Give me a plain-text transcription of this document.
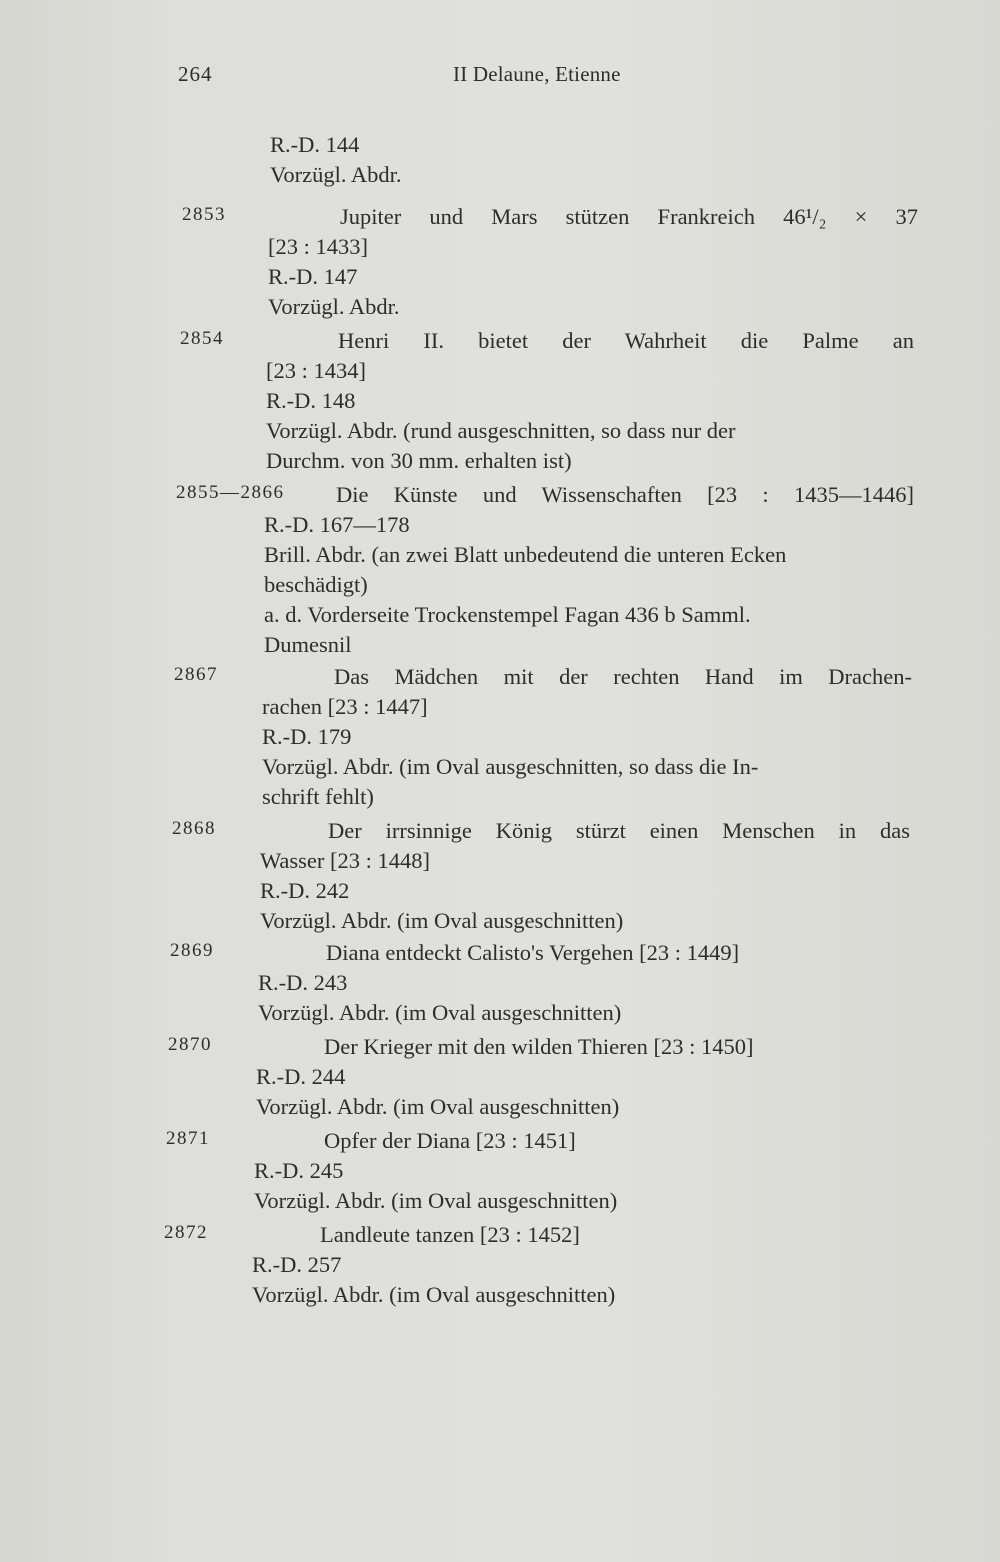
264	II Delaune, Etienne
R.-D. 144
Vorzügl. Abdr.
2853	Jupiter und Mars stützen Frankreich 46¹/₂ × 37
[23 : 1433]
R.-D. 147
Vorzügl. Abdr.
2854	Henri II. bietet der Wahrheit die Palme an
[23 : 1434]
R.-D. 148
Vorzügl. Abdr. (rund ausgeschnitten, so dass nur der
Durchm. von 30 mm. erhalten ist)
2855—2866 Die Künste und Wissenschaften [23 : 1435—1446]
R.-D. 167—178
Brill. Abdr. (an zwei Blatt unbedeutend die unteren Ecken
beschädigt)
a. d. Vorderseite Trockenstempel Fagan 436 b Samml.
Dumesnil
2867	Das Mädchen mit der rechten Hand im Drachen-
rachen [23 : 1447]
R.-D. 179
Vorzügl. Abdr. (im Oval ausgeschnitten, so dass die In-
schrift fehlt)
2868	Der irrsinnige König stürzt einen Menschen in das
Wasser [23 : 1448]
R.-D. 242
Vorzügl. Abdr. (im Oval ausgeschnitten)
2869	Diana entdeckt Calisto's Vergehen [23 : 1449]
R.-D. 243
Vorzügl. Abdr. (im Oval ausgeschnitten)
2870	Der Krieger mit den wilden Thieren [23 : 1450]
R.-D. 244
Vorzügl. Abdr. (im Oval ausgeschnitten)
2871	Opfer der Diana [23 : 1451]
R.-D. 245
Vorzügl. Abdr. (im Oval ausgeschnitten)
2872	Landleute tanzen [23 : 1452]
R.-D. 257
Vorzügl. Abdr. (im Oval ausgeschnitten)
